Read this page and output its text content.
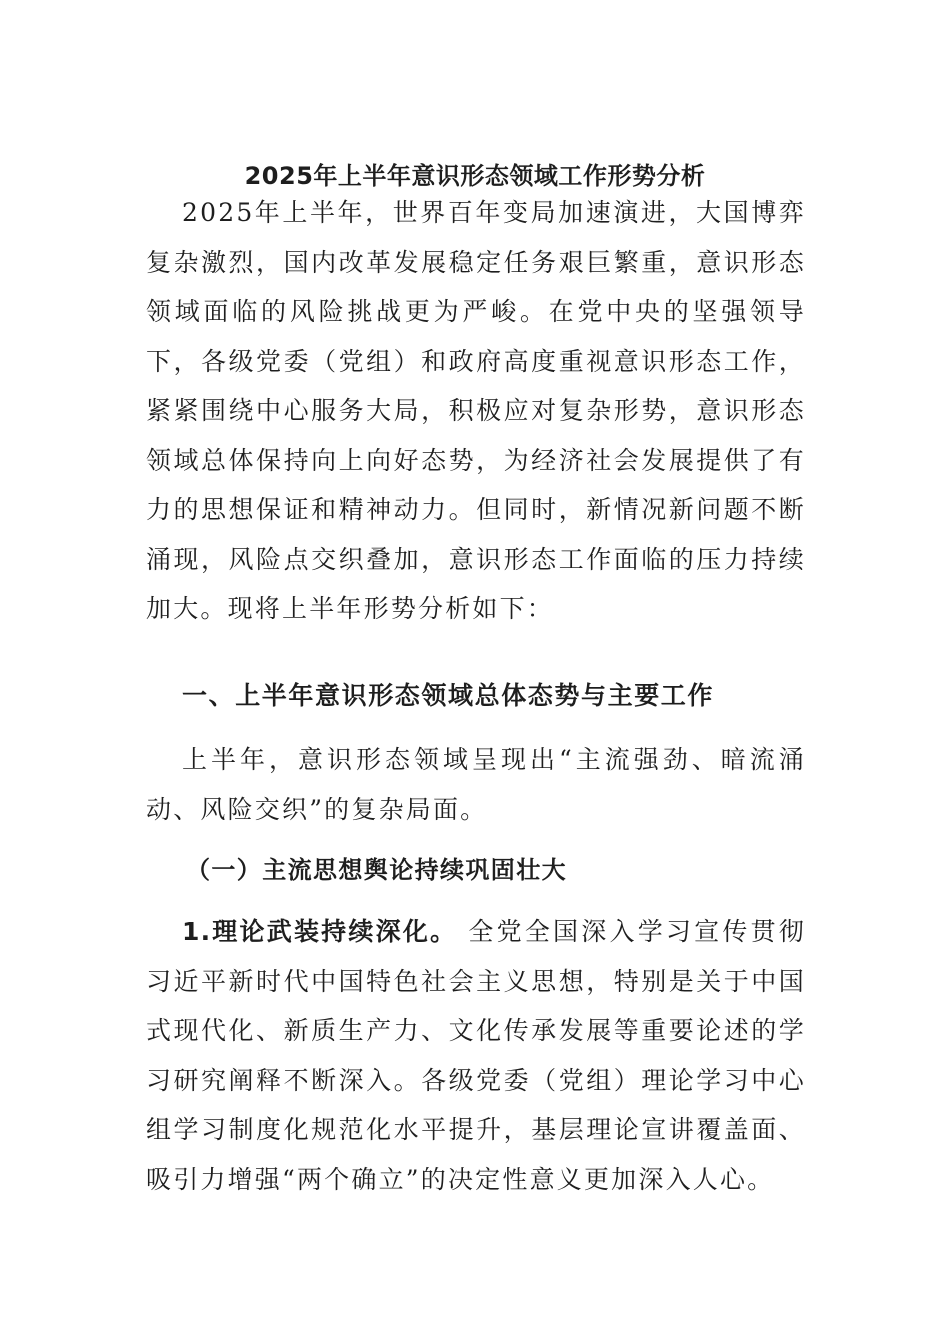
2025年上半年意识形态领域工作形势分析

2025年上半年，世界百年变局加速演进，大国博弈复杂激烈，国内改革发展稳定任务艰巨繁重，意识形态领域面临的风险挑战更为严峻。在党中央的坚强领导下，各级党委（党组）和政府高度重视意识形态工作，紧紧围绕中心服务大局，积极应对复杂形势，意识形态领域总体保持向上向好态势，为经济社会发展提供了有力的思想保证和精神动力。但同时，新情况新问题不断涌现，风险点交织叠加，意识形态工作面临的压力持续加大。现将上半年形势分析如下：

一、上半年意识形态领域总体态势与主要工作

上半年，意识形态领域呈现出“主流强劲、暗流涌动、风险交织”的复杂局面。

（一）主流思想舆论持续巩固壮大

1.理论武装持续深化。 全党全国深入学习宣传贯彻习近平新时代中国特色社会主义思想，特别是关于中国式现代化、新质生产力、文化传承发展等重要论述的学习研究阐释不断深入。各级党委（党组）理论学习中心组学习制度化规范化水平提升，基层理论宣讲覆盖面、吸引力增强“两个确立”的决定性意义更加深入人心。
